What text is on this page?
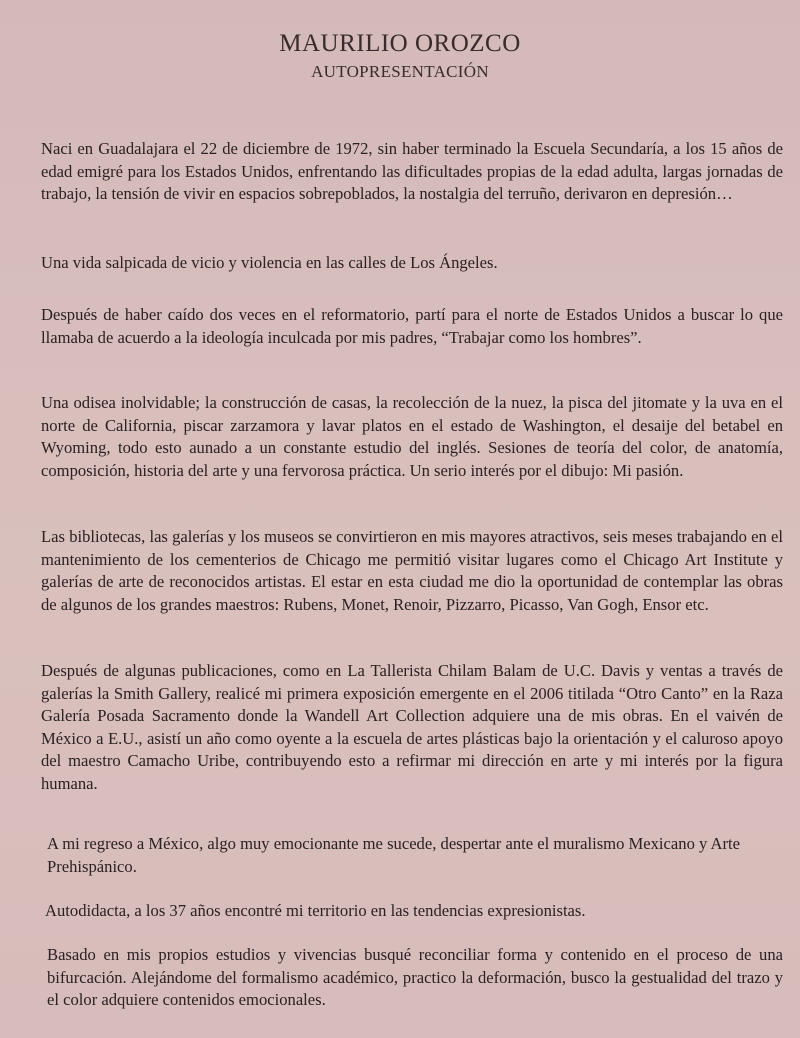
MAURILIO OROZCO
AUTOPRESENTACIÓN

Naci en Guadalajara el 22 de diciembre de 1972, sin haber terminado la Escuela Secundaría, a los 15 años de edad emigré para los Estados Unidos, enfrentando las dificultades propias de la edad adulta, largas jornadas de trabajo, la tensión de vivir en espacios sobrepoblados, la nostalgia del terruño, derivaron en depresión…

Una vida salpicada de vicio y violencia en las calles de Los Ángeles.

Después de haber caído dos veces en el reformatorio, partí para el norte de Estados Unidos a buscar lo que llamaba de acuerdo a la ideología inculcada por mis padres, “Trabajar como los hombres”.

Una odisea inolvidable; la construcción de casas, la recolección de la nuez, la pisca del jitomate y la uva en el norte de California, piscar zarzamora y lavar platos en el estado de Washington, el desaije del betabel en Wyoming, todo esto aunado a un constante estudio del inglés. Sesiones de teoría del color, de anatomía, composición, historia del arte y una fervorosa práctica. Un serio interés por el dibujo: Mi pasión.

Las bibliotecas, las galerías y los museos se convirtieron en mis mayores atractivos, seis meses trabajando en el mantenimiento de los cementerios de Chicago me permitió visitar lugares como el Chicago Art Institute y galerías de arte de reconocidos artistas. El estar en esta ciudad me dio la oportunidad de contemplar las obras de algunos de los grandes maestros: Rubens, Monet, Renoir, Pizzarro, Picasso, Van Gogh, Ensor etc.

Después de algunas publicaciones, como en La Tallerista Chilam Balam de U.C. Davis y ventas a través de galerías la Smith Gallery, realicé mi primera exposición emergente en el 2006 titilada “Otro Canto” en la Raza Galería Posada Sacramento donde la Wandell Art Collection adquiere una de mis obras. En el vaivén de México a E.U., asistí un año como oyente a la escuela de artes plásticas bajo la orientación y el caluroso apoyo del maestro Camacho Uribe, contribuyendo esto a refirmar mi dirección en arte y mi interés por la figura humana.

A mi regreso a México, algo muy emocionante me sucede, despertar ante el muralismo Mexicano y Arte Prehispánico.

Autodidacta, a los 37 años encontré mi territorio en las tendencias expresionistas.

Basado en mis propios estudios y vivencias busqué reconciliar forma y contenido en el proceso de una bifurcación. Alejándome del formalismo académico, practico la deformación, busco la gestualidad del trazo y el color adquiere contenidos emocionales.
